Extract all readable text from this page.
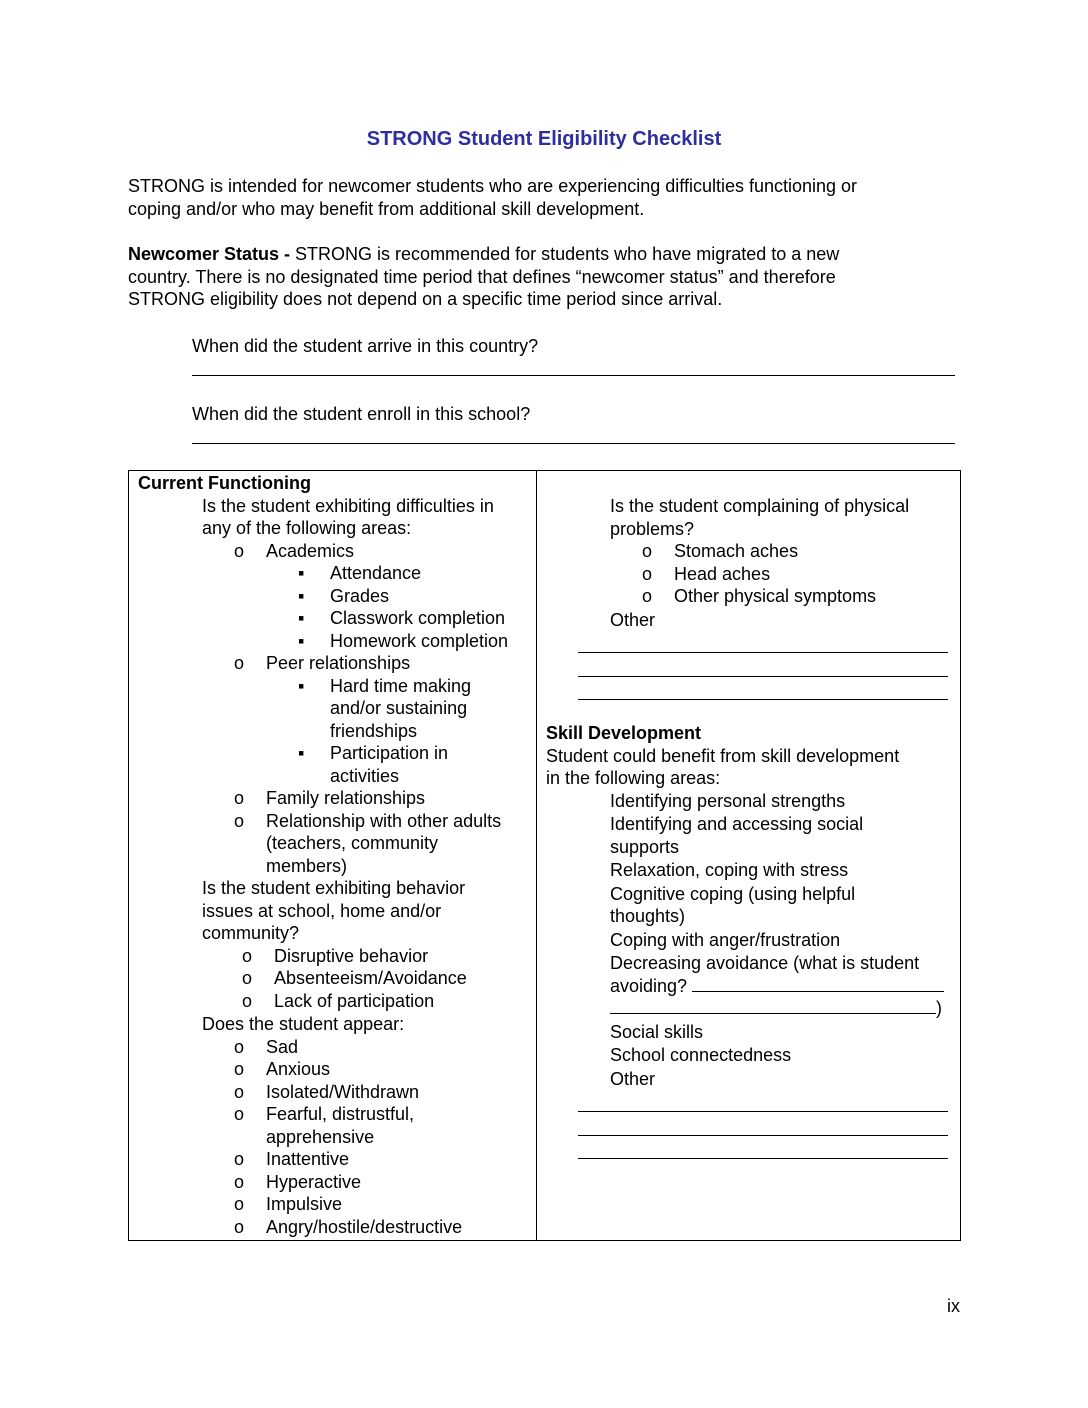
STRONG Student Eligibility Checklist

STRONG is intended for newcomer students who are experiencing difficulties functioning or

coping and/or who may benefit from additional skill development.

Newcomer Status - STRONG is recommended for students who have migrated to a new

country. There is no designated time period that defines “newcomer status” and therefore

STRONG eligibility does not depend on a specific time period since arrival.

When did the student arrive in this country?
When did the student enroll in this school?
Current Functioning
Is the student exhibiting difficulties in
any of the following areas:
o Academics
▪ Attendance
▪ Grades
▪ Classwork completion
▪ Homework completion
o Peer relationships
▪ Hard time making
and/or sustaining
friendships
▪ Participation in
activities
o Family relationships
o Relationship with other adults
(teachers, community
members)
Is the student exhibiting behavior
issues at school, home and/or
community?
o Disruptive behavior
o Absenteeism/Avoidance
o Lack of participation
Does the student appear:
o Sad
o Anxious
o Isolated/Withdrawn
o Fearful, distrustful,
apprehensive
o Inattentive
o Hyperactive
o Impulsive
o Angry/hostile/destructive
Is the student complaining of physical
problems?
o Stomach aches
o Head aches
o Other physical symptoms
Other
Skill Development
Student could benefit from skill development
in the following areas:
Identifying personal strengths
Identifying and accessing social
supports
Relaxation, coping with stress
Cognitive coping (using helpful
thoughts)
Coping with anger/frustration
Decreasing avoidance (what is student
avoiding?
)
Social skills
School connectedness
Other
ix
